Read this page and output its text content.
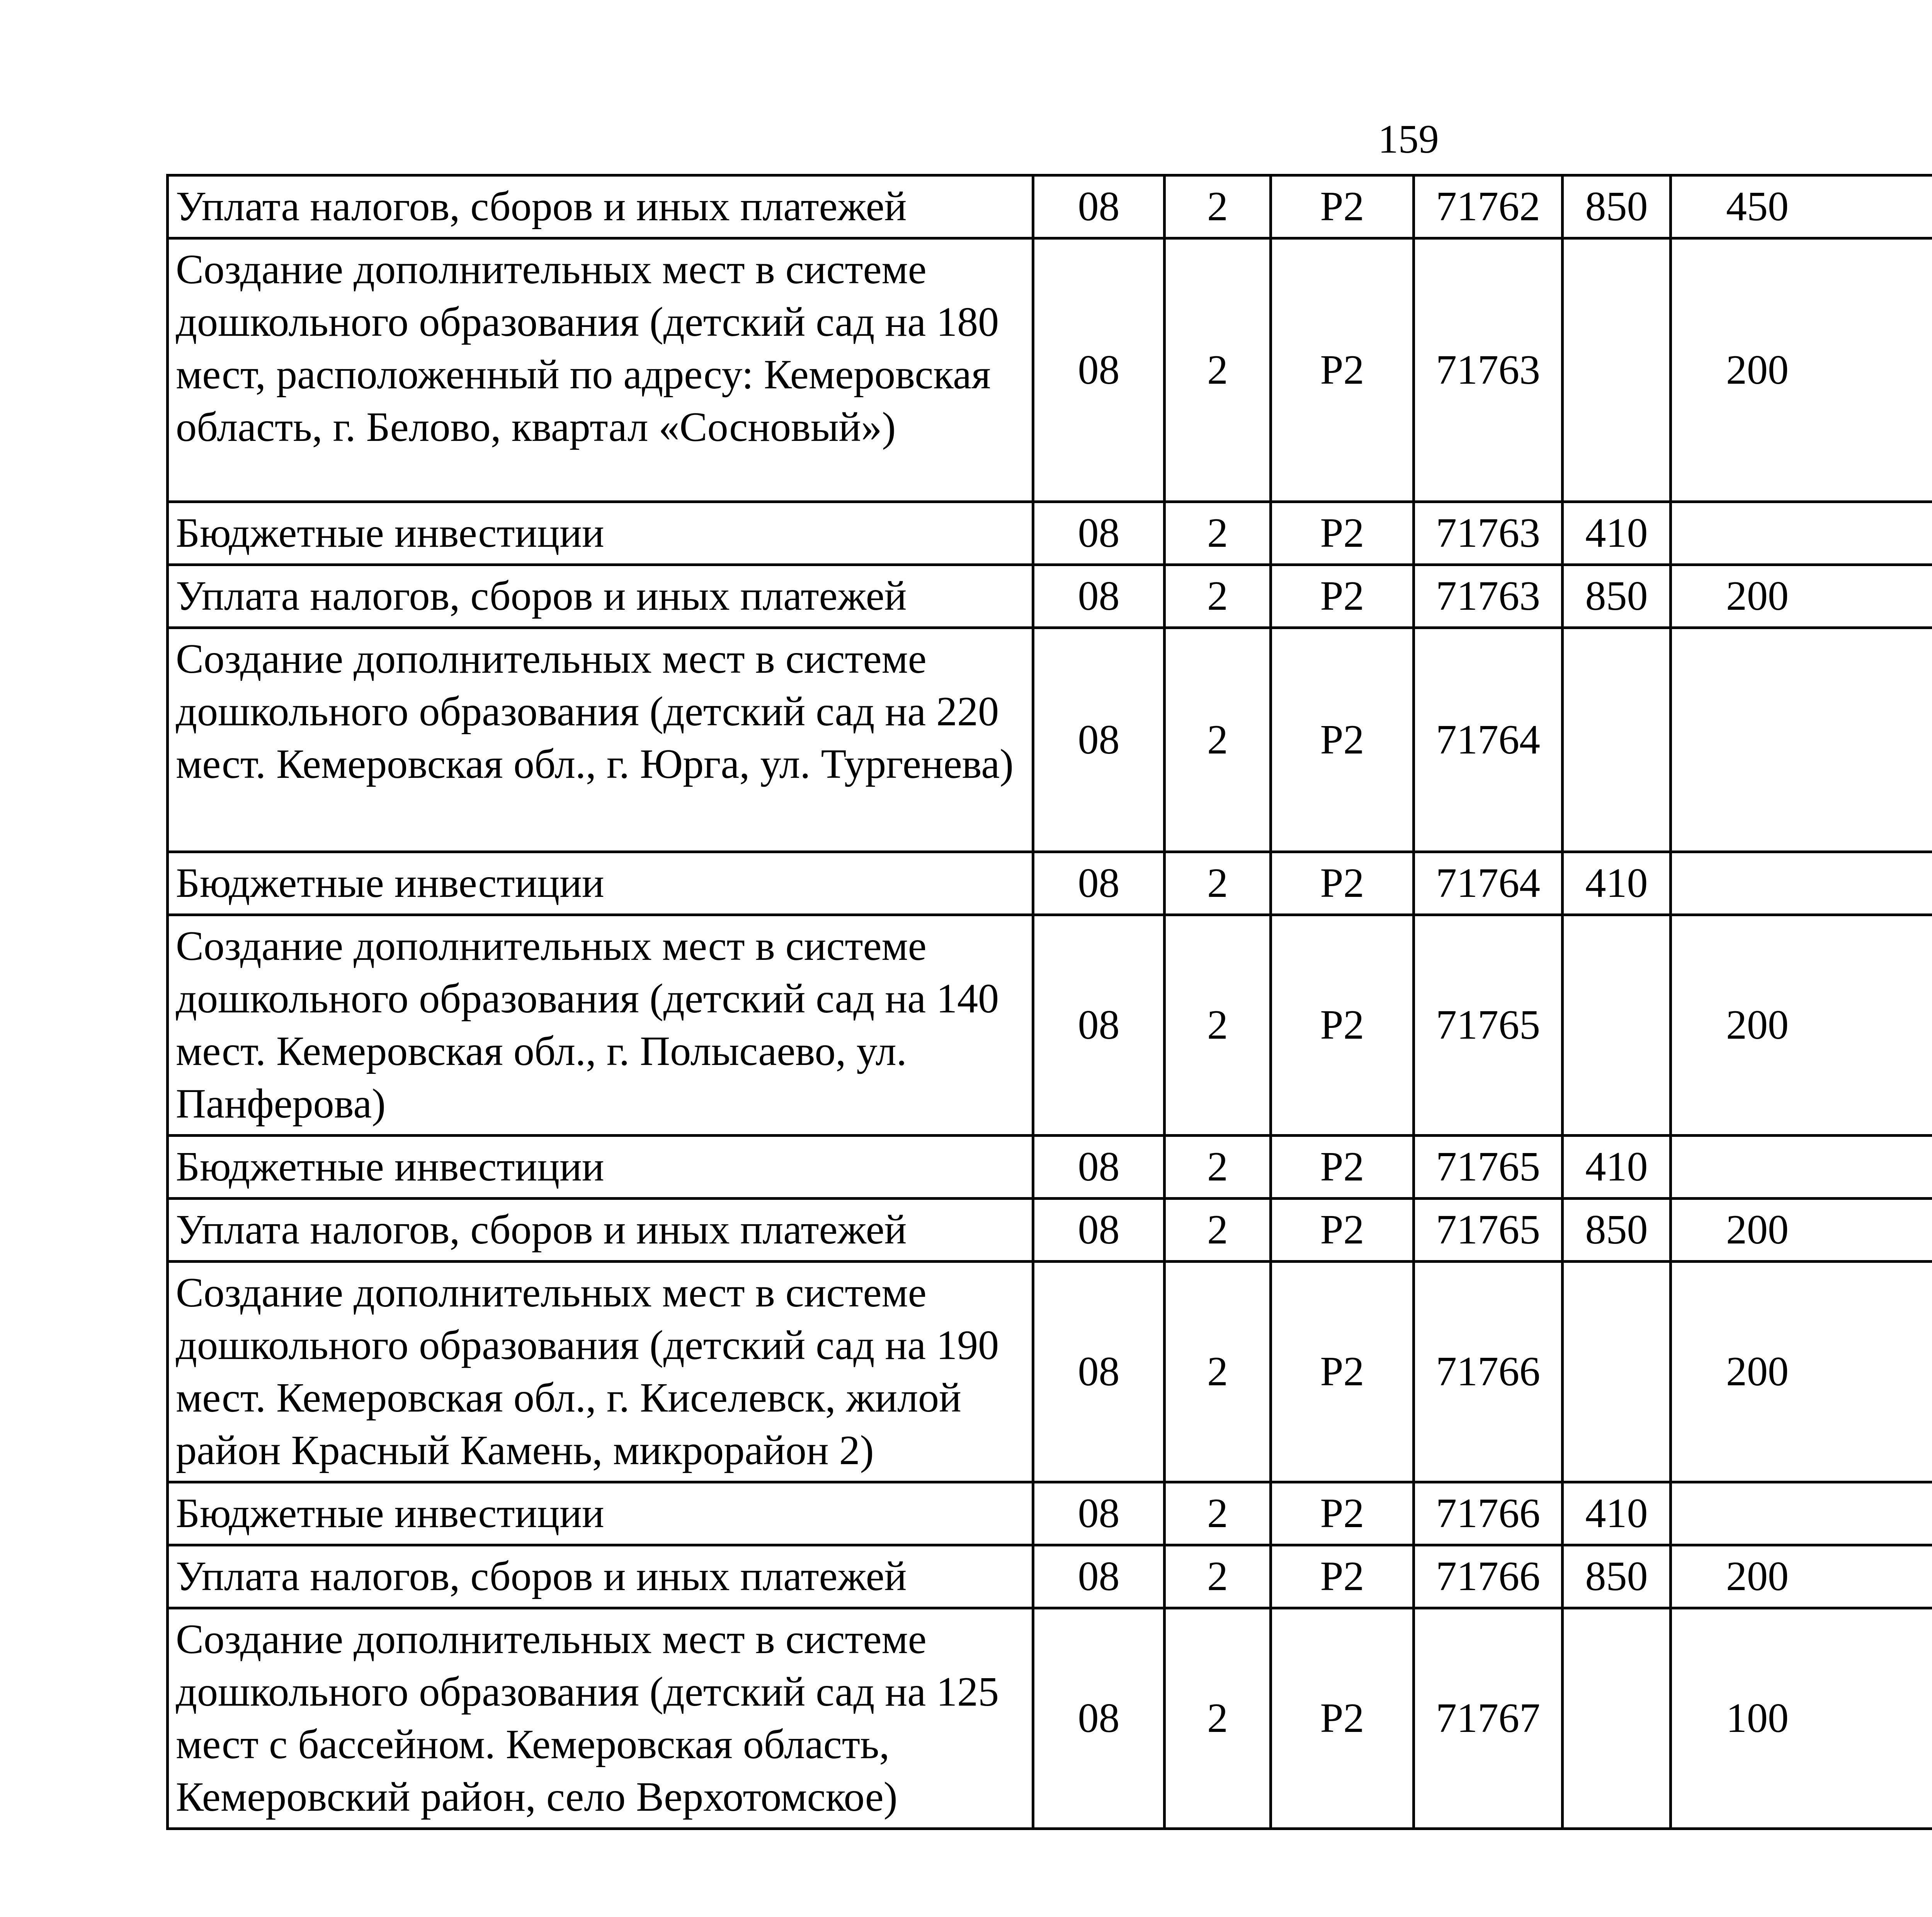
159
Уплата налогов, сборов и иных платежей	08	2	Р2	71762	850	450		
Создание дополнительных мест в системе дошкольного образования (детский сад на 180 мест, расположенный по адресу: Кемеровская область, г. Белово, квартал «Сосновый»)	08	2	Р2	71763		200		
Бюджетные инвестиции	08	2	Р2	71763	410			
Уплата налогов, сборов и иных платежей	08	2	Р2	71763	850	200		
Создание дополнительных мест в системе дошкольного образования (детский сад на 220 мест. Кемеровская обл., г. Юрга, ул. Тургенева)	08	2	Р2	71764				
Бюджетные инвестиции	08	2	Р2	71764	410			
Создание дополнительных мест в системе дошкольного образования (детский сад на 140 мест. Кемеровская обл., г. Полысаево, ул. Панферова)	08	2	Р2	71765		200		
Бюджетные инвестиции	08	2	Р2	71765	410			
Уплата налогов, сборов и иных платежей	08	2	Р2	71765	850	200		
Создание дополнительных мест в системе дошкольного образования (детский сад на 190 мест. Кемеровская обл., г. Киселевск, жилой район Красный Камень, микрорайон 2)	08	2	Р2	71766		200		
Бюджетные инвестиции	08	2	Р2	71766	410			
Уплата налогов, сборов и иных платежей	08	2	Р2	71766	850	200		
Создание дополнительных мест в системе дошкольного образования (детский сад на 125 мест с бассейном. Кемеровская область, Кемеровский район, село Верхотомское)	08	2	Р2	71767		100		
